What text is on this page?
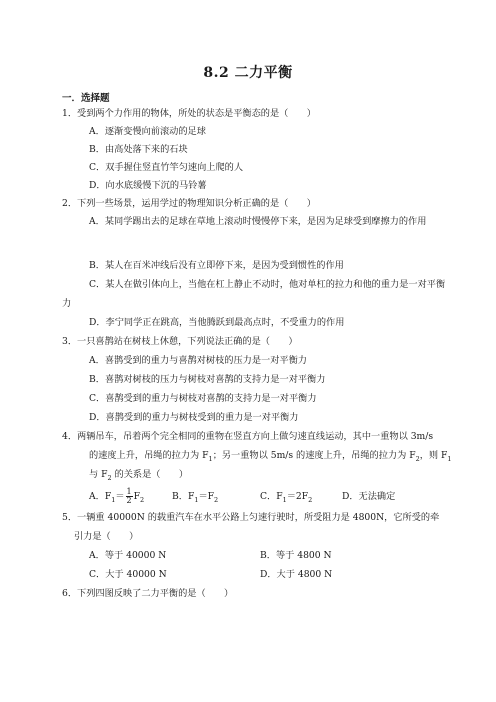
8.2 二力平衡
一．选择题
1．受到两个力作用的物体，所处的状态是平衡态的是（　　）
A．逐渐变慢向前滚动的足球
B．由高处落下来的石块
C．双手握住竖直竹竿匀速向上爬的人
D．向水底缓慢下沉的马铃薯
2．下列一些场景，运用学过的物理知识分析正确的是（　　）
A．某同学踢出去的足球在草地上滚动时慢慢停下来，是因为足球受到摩擦力的作用
B．某人在百米冲线后没有立即停下来，是因为受到惯性的作用
C．某人在做引体向上，当他在杠上静止不动时，他对单杠的拉力和他的重力是一对平衡
力
D．李宁同学正在跳高，当他腾跃到最高点时，不受重力的作用
3．一只喜鹊站在树枝上休憩，下列说法正确的是（　　）
A．喜鹊受到的重力与喜鹊对树枝的压力是一对平衡力
B．喜鹊对树枝的压力与树枝对喜鹊的支持力是一对平衡力
C．喜鹊受到的重力与树枝对喜鹊的支持力是一对平衡力
D．喜鹊受到的重力与树枝受到的重力是一对平衡力
4．两辆吊车，吊着两个完全相同的重物在竖直方向上做匀速直线运动，其中一重物以 3m/s
的速度上升，吊绳的拉力为 $F_1$；另一重物以 5m/s 的速度上升，吊绳的拉力为 $F_2$，则 $F_1$
与 $F_2$ 的关系是（　　）
A．$F_1= \frac{1}{2} F_2$	B．$F_1=F_2$	C．$F_1=2F_2$	D．无法确定
5．一辆重 40000N 的载重汽车在水平公路上匀速行驶时，所受阻力是 4800N，它所受的牵
引力是（　　）
A．等于 40000 N	B．等于 4800 N
C．大于 40000 N	D．大于 4800 N
6．下列四图反映了二力平衡的是（　　）
